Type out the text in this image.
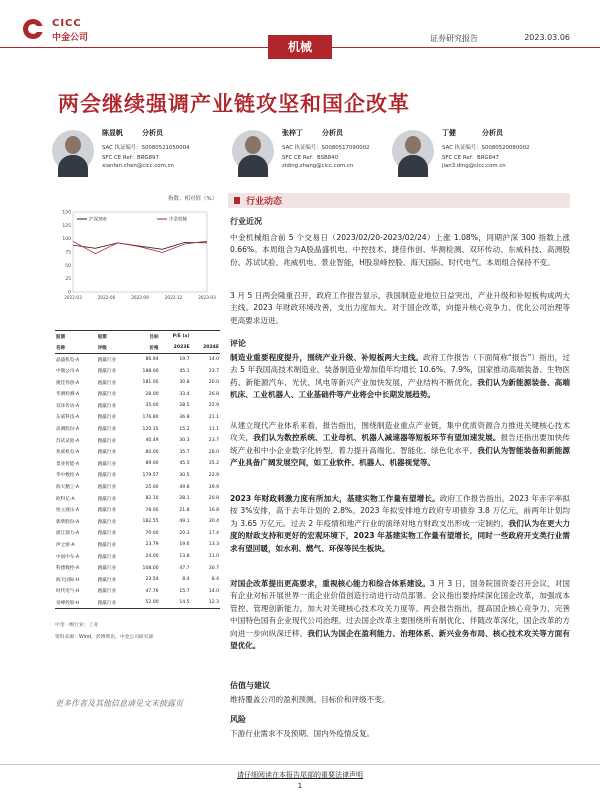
CICC
中金公司
机械
证券研究报告	2023.03.06
两会继续强调产业链攻坚和国企改革
陈显帆	分析员
SAC 执证编号：S0080521050004
SFC CE Ref：BRG897
xianfan.chen@cicc.com.cn
张梓丁	分析员
SAC 执证编号：S0080517090002
SFC CE Ref：BSB840
ziding.zhang@cicc.com.cn
丁健	分析员
SAC 执证编号：S0080520080002
SFC CE Ref：BRG847
jian3.ding@cicc.com.cn
指数：相对值（%）
150
125
100
75
50
25
0
2022-03	2022-06	2022-09	2022-12	2023-03
沪深300	中金机械
股票	股票	目标	P/E (x)	
名称	评级	价格	2023E	2024E
晶盛机电-A	跑赢行业	86.94	19.7	14.0
中微公司-A	跑赢行业	188.00	45.1	33.7
捷佳伟创-A	跑赢行业	181.00	30.8	20.0
华测检测-A	跑赢行业	28.00	33.4	26.8
双环传动-A	跑赢行业	35.00	28.5	22.9
东威科技-A	跑赢行业	176.80	36.8	21.1
高测股份-A	跑赢行业	120.15	15.2	11.1
苏试试验-A	跑赢行业	40.49	30.3	23.7
兆威机电-A	跑赢行业	80.00	35.7	28.0
景业智能-A	跑赢行业	89.00	45.5	35.2
华中数控-A	跑赢行业	179.57	30.5	22.9
海天精工-A	跑赢行业	25.00	49.8	39.9
欧科亿-A	跑赢行业	82.10	28.1	20.8
恒立液压-A	跑赢行业	78.00	21.8	16.8
新柴股份-A	跑赢行业	182.55	49.1	30.4
浙江鼎力-A	跑赢行业	70.00	20.3	17.4
伊之密-A	跑赢行业	23.79	19.6	13.3
中国中车-A	跑赢行业	24.00	13.8	11.0
科德数控-A	跑赢行业	108.00	47.7	30.7
海天国际-H	跑赢行业	23.54	8.4	8.4
时代电气-H	跑赢行业	47.76	15.7	14.0
泉峰控股-H	跑赢行业	52.00	14.5	12.3
中金一级行业：工业
资料来源：Wind，彭博资讯，中金公司研究部
更多作者及其他信息请见文末披露页
行业动态
行业近况
中金机械组合前 5 个交易日（2023/02/20-2023/02/24）上涨 1.08%，同期沪深 300 指数上涨 0.66%。本周组合为A股晶盛机电、中控技术、捷佳伟创、华测检测、双环传动、东威科技、高测股份、苏试试验、兆威机电、景业智能，H股泉峰控股、海天国际、时代电气。本周组合保持不变。
3 月 5 日两会隆重召开，政府工作报告显示，我国制造业地位日益突出，产业升级和补短板构成两大主线。2023 年财政环境改善，支出力度加大。对于国企改革，向提升核心竞争力、优化公司治理等更高要求迈进。
评论
制造业重要程度提升，围绕产业升级、补短板两大主线。政府工作报告（下面简称“报告”）指出，过去 5 年我国高技术制造业、装备制造业增加值年均增长 10.6%、7.9%，国家推动高端装备、生物医药、新能源汽车、光伏、风电等新兴产业加快发展，产业结构不断优化。我们认为新能源装备、高端机床、工业机器人、工业基础件等产业将会中长期发展趋势。
从建立现代产业体系来看，报告指出，围绕制造业重点产业链，集中优质资源合力推进关键核心技术攻关，我们认为数控系统、工业母机、机器人减速器等短板环节有望加速发展。报告还指出要加快传统产业和中小企业数字化转型，着力提升高端化、智能化、绿色化水平，我们认为智能装备和新能源产业具备广阔发展空间，如工业软件、机器人、机器视觉等。
2023 年财政刺激力度有所加大，基建实物工作量有望增长。政府工作报告指出，2023 年赤字率拟按 3%安排，高于去年计划的 2.8%。2023 年拟安排地方政府专项债券 3.8 万亿元，前两年计划均为 3.65 万亿元。过去 2 年疫情和地产行业的演绎对地方财政支出形成一定制约，我们认为在更大力度的财政支持和更好的宏观环境下，2023 年基建实物工作量有望增长，同时一些政府开支类行业需求有望回暖，如水利、燃气、环保等民生板块。
对国企改革提出更高要求，重视核心能力和综合体系建设。3 月 3 日，国务院国资委召开会议，对国有企业对标开展世界一流企业价值创造行动进行动员部署。会议指出要持续深化国企改革，加强成本管控、管理创新能力，加大对关键核心技术攻关力度等。两会报告指出，提高国企核心竞争力，完善中国特色国有企业现代公司治理。过去国企改革主要围绕所有制优化、伴随改革深化，国企改革的方向进一步向纵深迁移。我们认为国企在盈利能力、治理体系、新兴业务布局、核心技术攻关等方面有望优化。
估值与建议
维持覆盖公司的盈利预测、目标价和评级不变。
风险
下游行业需求不及预期、国内外疫情反复。
请仔细阅读在本报告尾部的重要法律声明
1
